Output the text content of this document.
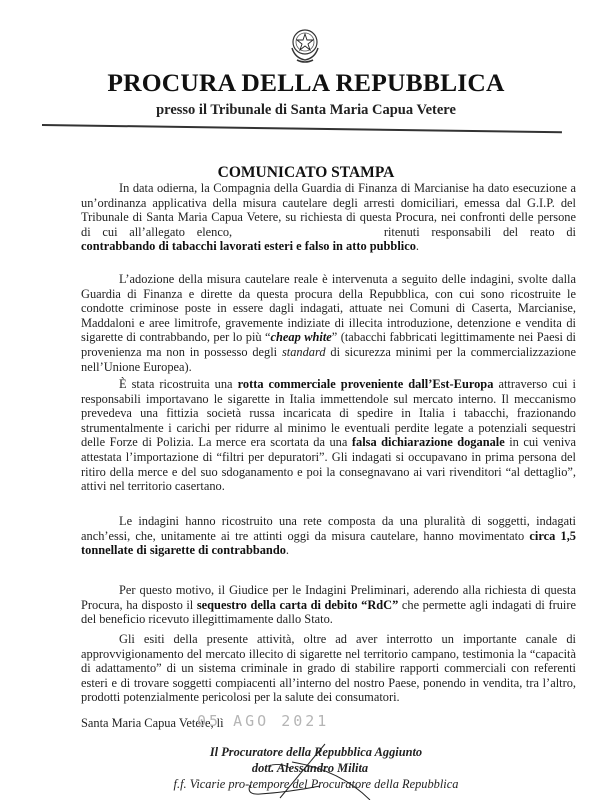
PROCURA DELLA REPUBBLICA
presso il Tribunale di Santa Maria Capua Vetere
COMUNICATO STAMPA
In data odierna, la Compagnia della Guardia di Finanza di Marcianise ha dato esecuzione a un’ordinanza applicativa della misura cautelare degli arresti domiciliari, emessa dal G.I.P. del Tribunale di Santa Maria Capua Vetere, su richiesta di questa Procura, nei confronti delle persone di cui all’allegato elenco,	ritenuti responsabili del reato di contrabbando di tabacchi lavorati esteri e falso in atto pubblico.
L’adozione della misura cautelare reale è intervenuta a seguito delle indagini, svolte dalla Guardia di Finanza e dirette da questa procura della Repubblica, con cui sono ricostruite le condotte criminose poste in essere dagli indagati, attuate nei Comuni di Caserta, Marcianise, Maddaloni e aree limitrofe, gravemente indiziate di illecita introduzione, detenzione e vendita di sigarette di contrabbando, per lo più “cheap white” (tabacchi fabbricati legittimamente nei Paesi di provenienza ma non in possesso degli standard di sicurezza minimi per la commercializzazione nell’Unione Europea).
È stata ricostruita una rotta commerciale proveniente dall’Est-Europa attraverso cui i responsabili importavano le sigarette in Italia immettendole sul mercato interno. Il meccanismo prevedeva una fittizia società russa incaricata di spedire in Italia i tabacchi, frazionando strumentalmente i carichi per ridurre al minimo le eventuali perdite legate a potenziali sequestri delle Forze di Polizia. La merce era scortata da una falsa dichiarazione doganale in cui veniva attestata l’importazione di “filtri per depuratori”. Gli indagati si occupavano in prima persona del ritiro della merce e del suo sdoganamento e poi la consegnavano ai vari rivenditori “al dettaglio”, attivi nel territorio casertano.
Le indagini hanno ricostruito una rete composta da una pluralità di soggetti, indagati anch’essi, che, unitamente ai tre attinti oggi da misura cautelare, hanno movimentato circa 1,5 tonnellate di sigarette di contrabbando.
Per questo motivo, il Giudice per le Indagini Preliminari, aderendo alla richiesta di questa Procura, ha disposto il sequestro della carta di debito “RdC” che permette agli indagati di fruire del beneficio ricevuto illegittimamente dallo Stato.
Gli esiti della presente attività, oltre ad aver interrotto un importante canale di approvvigionamento del mercato illecito di sigarette nel territorio campano, testimonia la “capacità di adattamento” di un sistema criminale in grado di stabilire rapporti commerciali con referenti esteri e di trovare soggetti compiacenti all’interno del nostro Paese, ponendo in vendita, tra l’altro, prodotti potenzialmente pericolosi per la salute dei consumatori.
Santa Maria Capua Vetere, lì
05 AGO 2021
Il Procuratore della Repubblica Aggiunto
dott. Alessandro Milita
f.f. Vicarie pro-tempore del Procuratore della Repubblica
